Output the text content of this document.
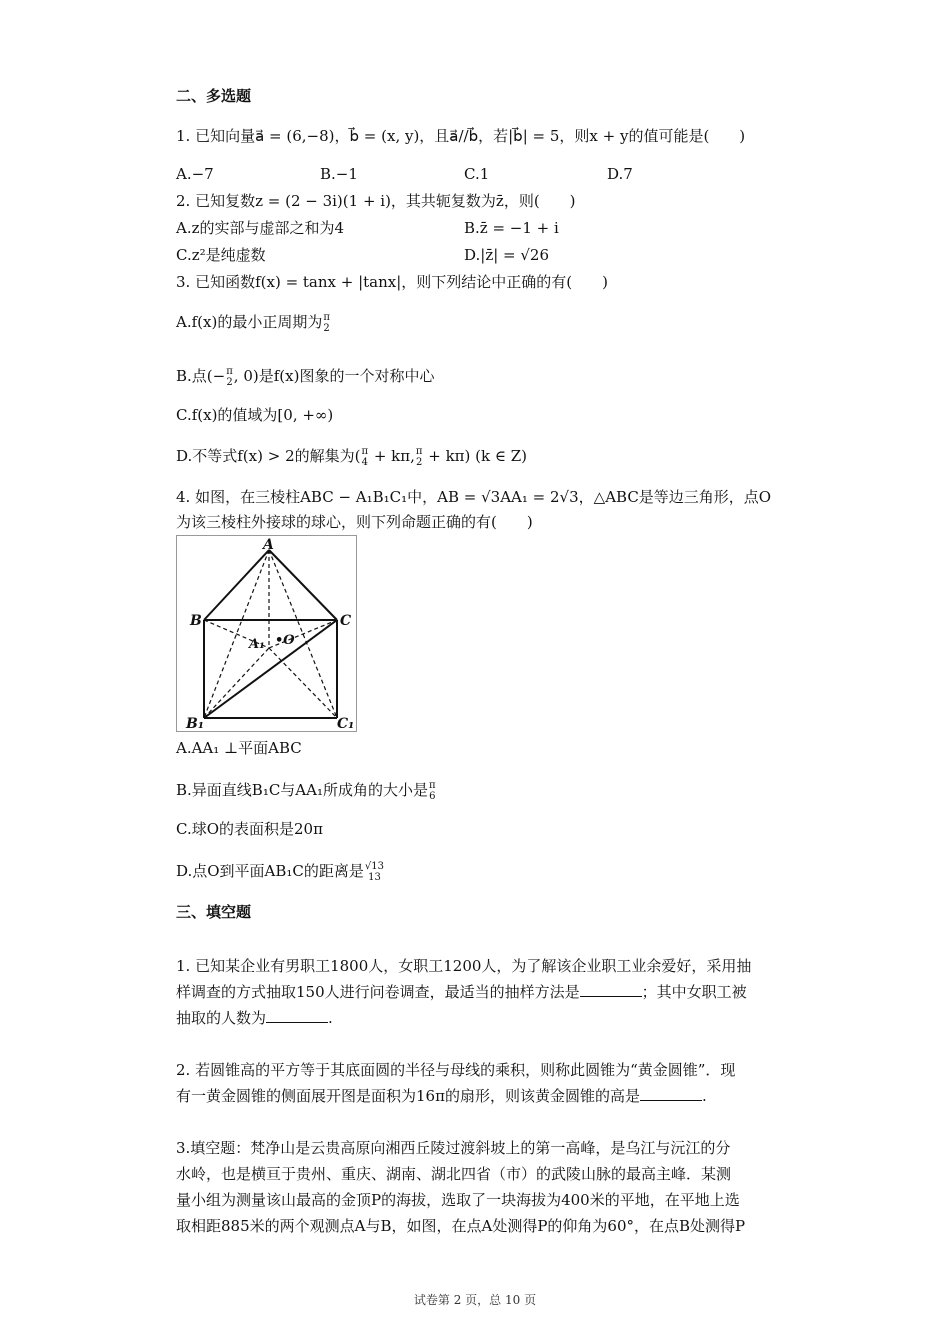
二、多选题
1. 已知向量a⃗ = (6,−8)，b⃗ = (x, y)，且a⃗//b⃗，若|b⃗| = 5，则x + y的值可能是(　　)
A.−7	B.−1	C.1	D.7
2. 已知复数z = (2 − 3i)(1 + i)，其共轭复数为z̄，则(　　)
A.z的实部与虚部之和为4	B.z̄ = −1 + i
C.z²是纯虚数	D.|z̄| = √26
3. 已知函数f(x) = tanx + |tanx|，则下列结论中正确的有(　　)
A.f(x)的最小正周期为 π
2
B.点(− π
2 , 0)是f(x)图象的一个对称中心
C.f(x)的值域为[0, +∞)
D.不等式f(x) > 2的解集为( π
4 + kπ, π
2 + kπ) (k ∈ Z)
4. 如图，在三棱柱ABC − A₁B₁C₁中，AB = √3AA₁ = 2√3，△ABC是等边三角形，点O
为该三棱柱外接球的球心，则下列命题正确的有(　　)
A
B	C
A₁ •O
B₁	C₁
A.AA₁ ⊥平面ABC
B.异面直线B₁C与AA₁所成角的大小是 π
6
C.球O的表面积是20π
D.点O到平面AB₁C的距离是 √13
13
三、填空题
1. 已知某企业有男职工1800人，女职工1200人，为了解该企业职工业余爱好，采用抽
样调查的方式抽取150人进行问卷调查，最适当的抽样方法是	；其中女职工被
抽取的人数为	.
2. 若圆锥高的平方等于其底面圆的半径与母线的乘积，则称此圆锥为“黄金圆锥”．现
有一黄金圆锥的侧面展开图是面积为16π的扇形，则该黄金圆锥的高是	.
3.填空题：梵净山是云贵高原向湘西丘陵过渡斜坡上的第一高峰，是乌江与沅江的分
水岭，也是横亘于贵州、重庆、湖南、湖北四省（市）的武陵山脉的最高主峰．某测
量小组为测量该山最高的金顶P的海拔，选取了一块海拔为400米的平地，在平地上选
取相距885米的两个观测点A与B，如图，在点A处测得P的仰角为60°，在点B处测得P
试卷第 2 页，总 10 页
